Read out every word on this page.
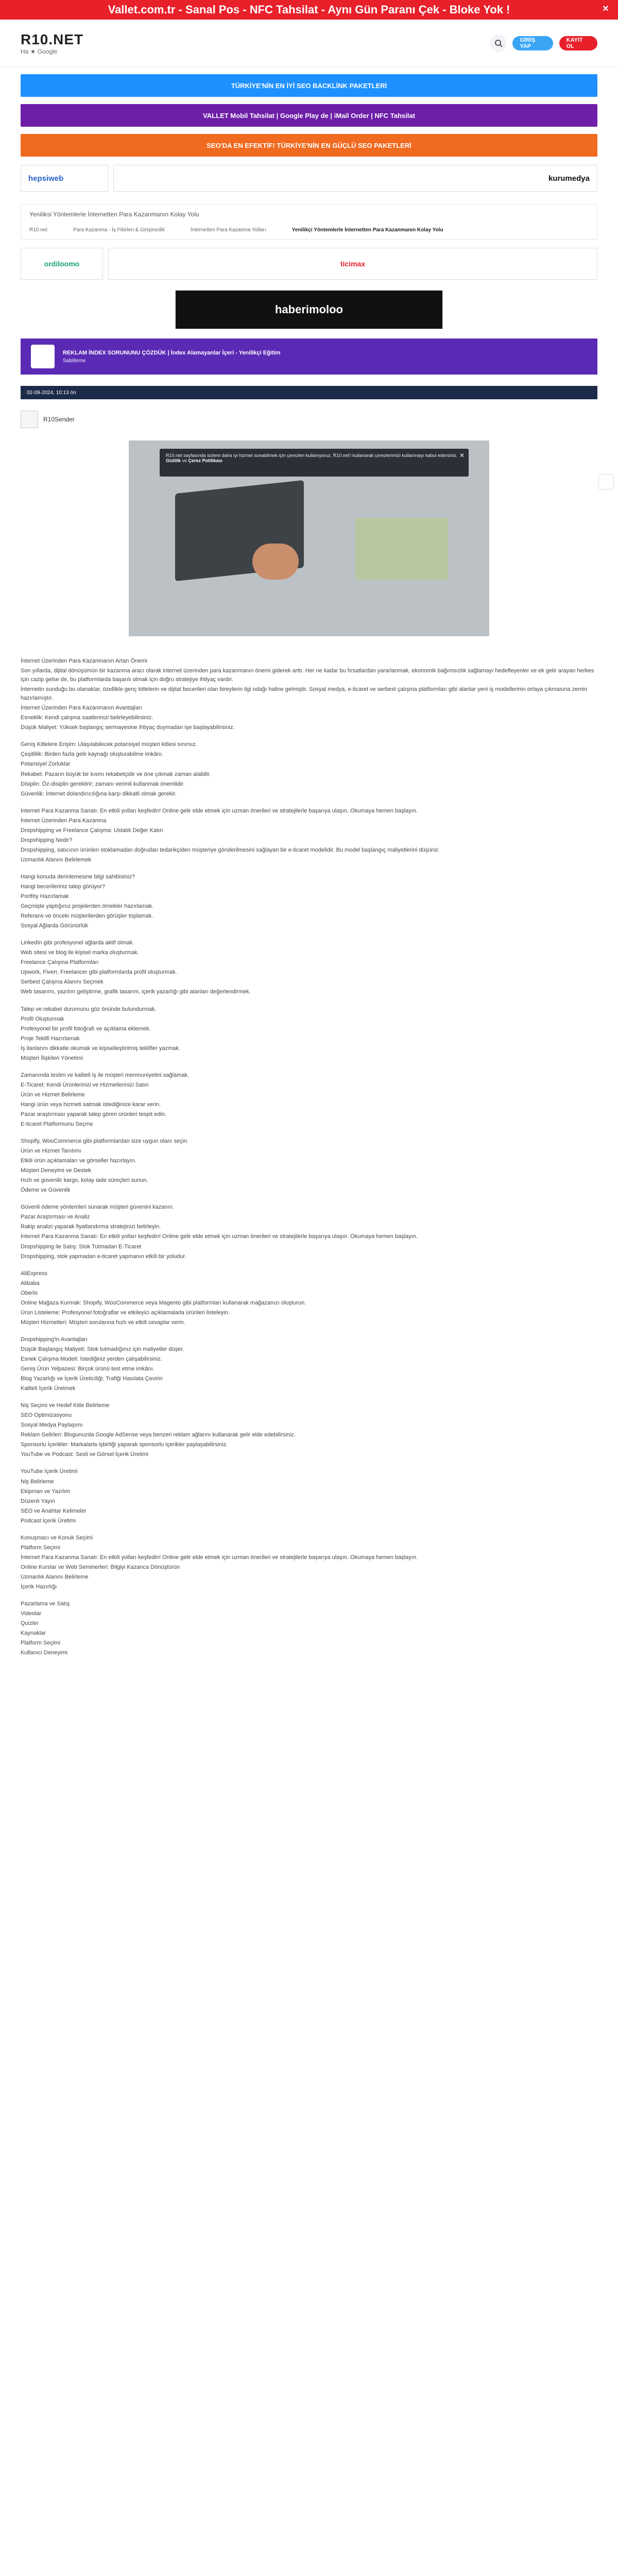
Vallet.com.tr - Sanal Pos - NFC Tahsilat - Aynı Gün Paranı Çek - Bloke Yok !	✕
R10.NET
Ha ★ Google
GİRİŞ YAP
KAYIT OL
TÜRKİYE'NİN EN İYİ SEO BACKLİNK PAKETLERİ
VALLET Mobil Tahsilat | Google Play de | iMail Order | NFC Tahsilat
SEO'DA EN EFEKTİF! TÜRKİYE'NİN EN GÜÇLÜ SEO PAKETLERİ
hepsiweb	kurumedya
Yeniliksi Yöntemlerle İnternetten Para Kazanmanın Kolay Yolu
R10.net	Para Kazanma - İş Fikirleri & Girişimcilik	İnternetten Para Kazanma Yolları	Yenilikçi Yöntemlerle İnternetten Para Kazanmanın Kolay Yolu
ordiloomo	ticimax
haberimoloo
REKLAM İNDEX SORUNUNU ÇÖZDÜK | İndex Alamayanlar İçeri - Yenilikçi Eğitim
Sabitleme
02-09-2024, 10:13 ön
R10Sender
R10.net sayfasında sizlere daha iyi hizmet sunabilmek için çerezleri kullanıyoruz. R10.net'i kullanarak çerezlerimizi kullanmayı kabul edersiniz.
Gizlilik ve Çerez Politikası
✕

İnternet Üzerinden Para Kazanmanın Artan Önemi

Son yıllarda, dijital dönüşümün bir kazanma aracı olarak internet üzerinden para kazanmanın önemi giderek arttı. Her ne kadar bu fırsatlardan yararlanmak, ekonomik bağımsızlık sağlamayı hedefleyenler ve ek gelir arayan herkes için cazip gelse de, bu platformlarda başarılı olmak için doğru stratejiye ihtiyaç vardır.

İnternetin sunduğu bu olanaklar, özellikle genç kitlelerin ve dijital becerileri olan bireylerin ilgi odağı haline gelmiştir. Sosyal medya, e-ticaret ve serbest çalışma platformları gibi alanlar yeni iş modellerinin ortaya çıkmasına zemin hazırlamıştır.

İnternet Üzerinden Para Kazanmanın Avantajları

Esneklik: Kendi çalışma saatlerinizi belirleyebilirsiniz.

Düşük Maliyet: Yüksek başlangıç sermayesine ihtiyaç duymadan işe başlayabilirsiniz.

Geniş Kitlelere Erişim: Ulaşılabilecek potansiyel müşteri kitlesi sınırsız.

Çeşitlilik: Birden fazla gelir kaynağı oluşturabilme imkânı.

Potansiyel Zorluklar

Rekabet: Pazarın büyük bir kısmı rekabetçidir ve öne çıkmak zaman alabilir.

Disiplin: Öz-disiplin gerektirir; zamanı verimli kullanmak önemlidir.

Güvenlik: İnternet dolandırıcılığına karşı dikkatli olmak gerekir.

İnternet Para Kazanma Sanatı: En etkili yolları keşfedin! Online gelir elde etmek için uzman önerileri ve stratejilerle başarıya ulaşın. Okumaya hemen başlayın.

İnternet Üzerinden Para Kazanma

Dropshipping ve Freelance Çalışma: Ustalık Değer Katın

Dropshipping Nedir?

Dropshipping, satıcının ürünleri stoklamadan doğrudan tedarikçiden müşteriye gönderilmesini sağlayan bir e-ticaret modelidir. Bu model başlangıç maliyetlerini düşürür.

Uzmanlık Alanını Belirlemek

Hangi konuda derinlemesine bilgi sahibisiniz?

Hangi becerileriniz talep görüyor?

Portföy Hazırlamak

Geçmişte yaptığınız projelerden örnekler hazırlamak.

Referans ve önceki müşterilerden görüşler toplamak.

Sosyal Ağlarda Görünürlük

LinkedIn gibi profesyonel ağlarda aktif olmak.

Web sitesi ve blog ile kişisel marka oluşturmak.

Freelance Çalışma Platformları

Upwork, Fiverr, Freelancer gibi platformlarda profil oluşturmak.

Serbest Çalışma Alanını Seçmek

Web tasarımı, yazılım geliştirme, grafik tasarım, içerik yazarlığı gibi alanları değerlendirmek.

Talep ve rekabet durumunu göz önünde bulundurmak.

Profil Oluşturmak

Profesyonel bir profil fotoğrafı ve açıklama eklemek.

Proje Teklifi Hazırlamak

İş ilanlarını dikkatle okumak ve kişiselleştirilmiş teklifler yazmak.

Müşteri İlişkileri Yönetimi

Zamanında teslim ve kaliteli iş ile müşteri memnuniyetini sağlamak.

E-Ticaret: Kendi Ürünlerinizi ve Hizmetlerinizi Satın

Ürün ve Hizmet Belirleme

Hangi ürün veya hizmeti satmak istediğinize karar verin.

Pazar araştırması yaparak talep gören ürünleri tespit edin.

E-ticaret Platformunu Seçme

Shopify, WooCommerce gibi platformlardan size uygun olanı seçin.

Ürün ve Hizmet Tanıtımı

Etkili ürün açıklamaları ve görseller hazırlayın.

Müşteri Deneyimi ve Destek

Hızlı ve güvenilir kargo, kolay iade süreçleri sunun.

Ödeme ve Güvenlik

Güvenli ödeme yöntemleri sunarak müşteri güvenini kazanın.

Pazar Araştırması ve Analiz

Rakip analizi yaparak fiyatlandırma stratejinizi belirleyin.

İnternet Para Kazanma Sanatı: En etkili yolları keşfedin! Online gelir elde etmek için uzman önerileri ve stratejilerle başarıya ulaşın. Okumaya hemen başlayın.

Dropshipping ile Satış: Stok Tutmadan E-Ticaret

Dropshipping, stok yapmadan e-ticaret yapmanın etkili bir yoludur.

AliExpress

Alibaba

Oberlo

Online Mağaza Kurmak: Shopify, WooCommerce veya Magento gibi platformları kullanarak mağazanızı oluşturun.

Ürün Listeleme: Profesyonel fotoğraflar ve etkileyici açıklamalarla ürünleri listeleyin.

Müşteri Hizmetleri: Müşteri sorularına hızlı ve etkili cevaplar verin.

Dropshipping'in Avantajları

Düşük Başlangıç Maliyeti: Stok tutmadığınız için maliyetler düşer.

Esnek Çalışma Modeli: İstediğiniz yerden çalışabilirsiniz.

Geniş Ürün Yelpazesi: Birçok ürünü test etme imkânı.

Blog Yazarlığı ve İçerik Üreticiliği: Trafiği Hasılata Çevirin

Kaliteli İçerik Üretmek

Niş Seçimi ve Hedef Kitle Belirleme

SEO Optimizasyonu

Sosyal Medya Paylaşımı

Reklam Gelirleri: Blogunuzda Google AdSense veya benzeri reklam ağlarını kullanarak gelir elde edebilirsiniz.

Sponsorlu İçerikler: Markalarla işbirliği yaparak sponsorlu içerikler paylaşabilirsiniz.

YouTube ve Podcast: Sesli ve Görsel İçerik Üretimi

YouTube İçerik Üretimi

Niş Belirleme

Ekipman ve Yazılım

Düzenli Yayın

SEO ve Anahtar Kelimeler

Podcast İçerik Üretimi

Konuşmacı ve Konuk Seçimi

Platform Seçimi

İnternet Para Kazanma Sanatı: En etkili yolları keşfedin! Online gelir elde etmek için uzman önerileri ve stratejilerle başarıya ulaşın. Okumaya hemen başlayın.

Online Kurslar ve Web Seminerleri: Bilgiyi Kazanca Dönüştürün

Uzmanlık Alanını Belirleme

İçerik Hazırlığı

Pazarlama ve Satış

Videolar

Quizler

Kaynaklar

Platform Seçimi

Kullanıcı Deneyimi
